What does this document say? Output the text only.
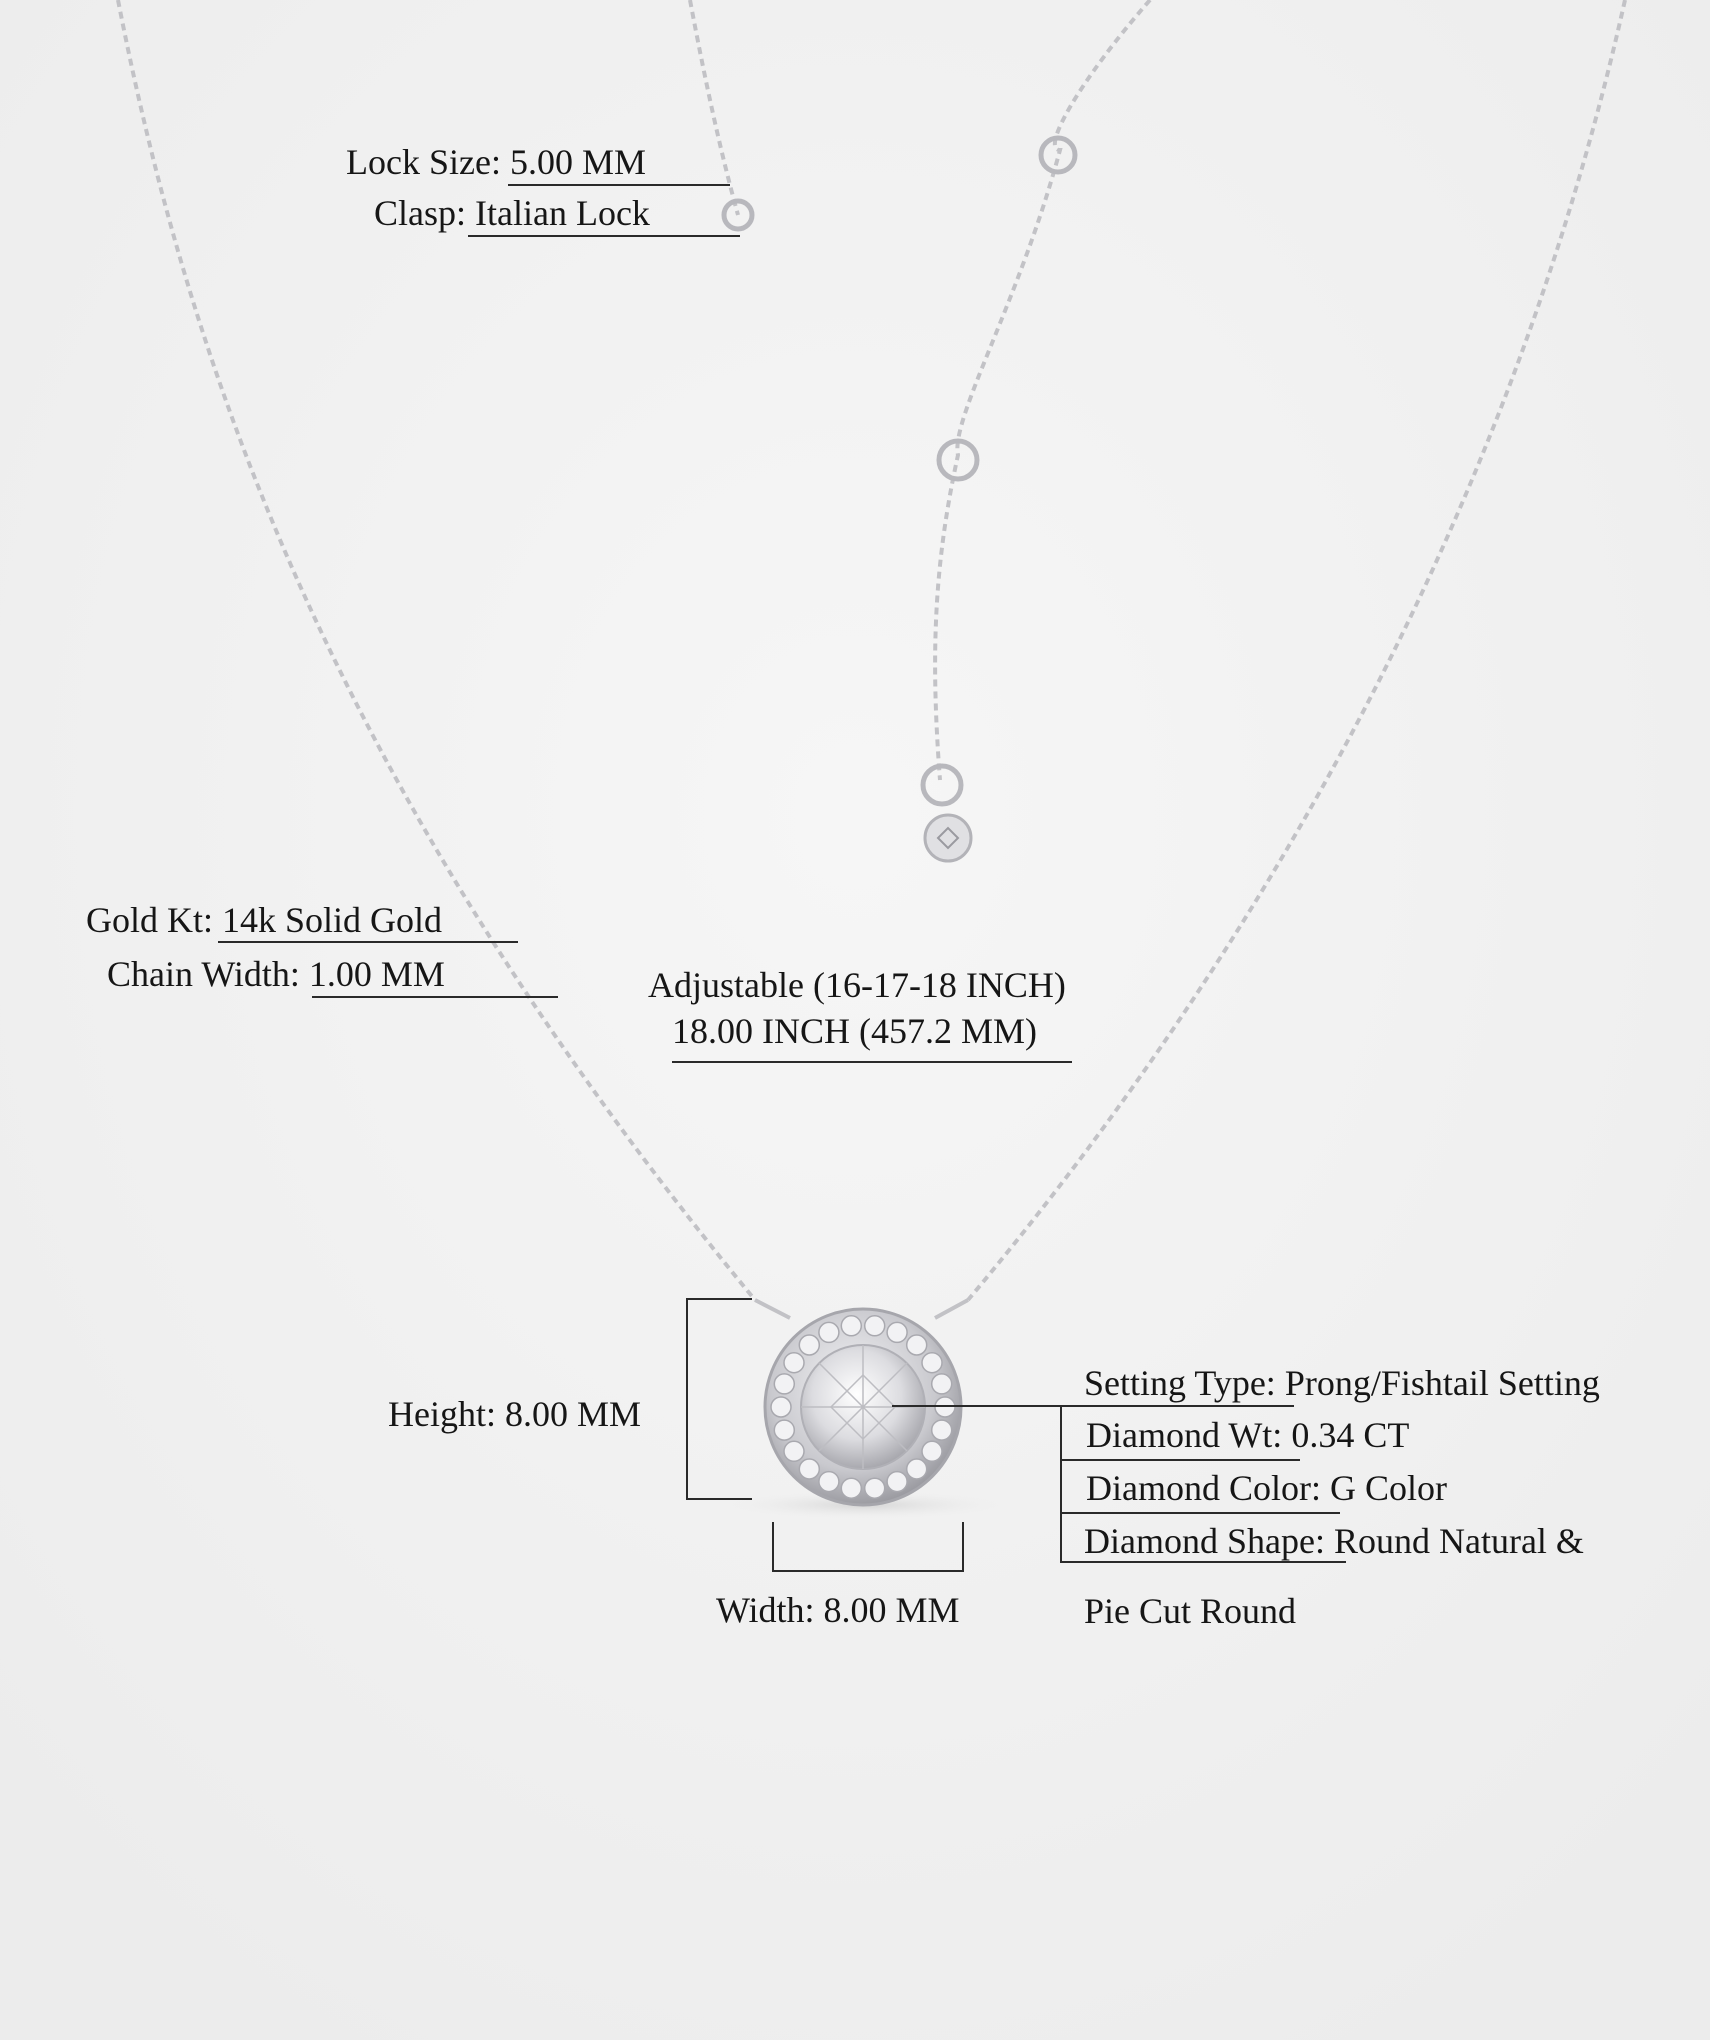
Lock Size: 5.00 MM
Clasp: Italian Lock
Gold Kt: 14k Solid Gold
Chain Width: 1.00 MM	Adjustable (16-17-18 INCH)
18.00 INCH (457.2 MM)
Height: 8.00 MM
Width: 8.00 MM
Setting Type: Prong/Fishtail Setting
Diamond Wt: 0.34 CT
Diamond Color: G Color
Diamond Shape: Round Natural &
Pie Cut Round
